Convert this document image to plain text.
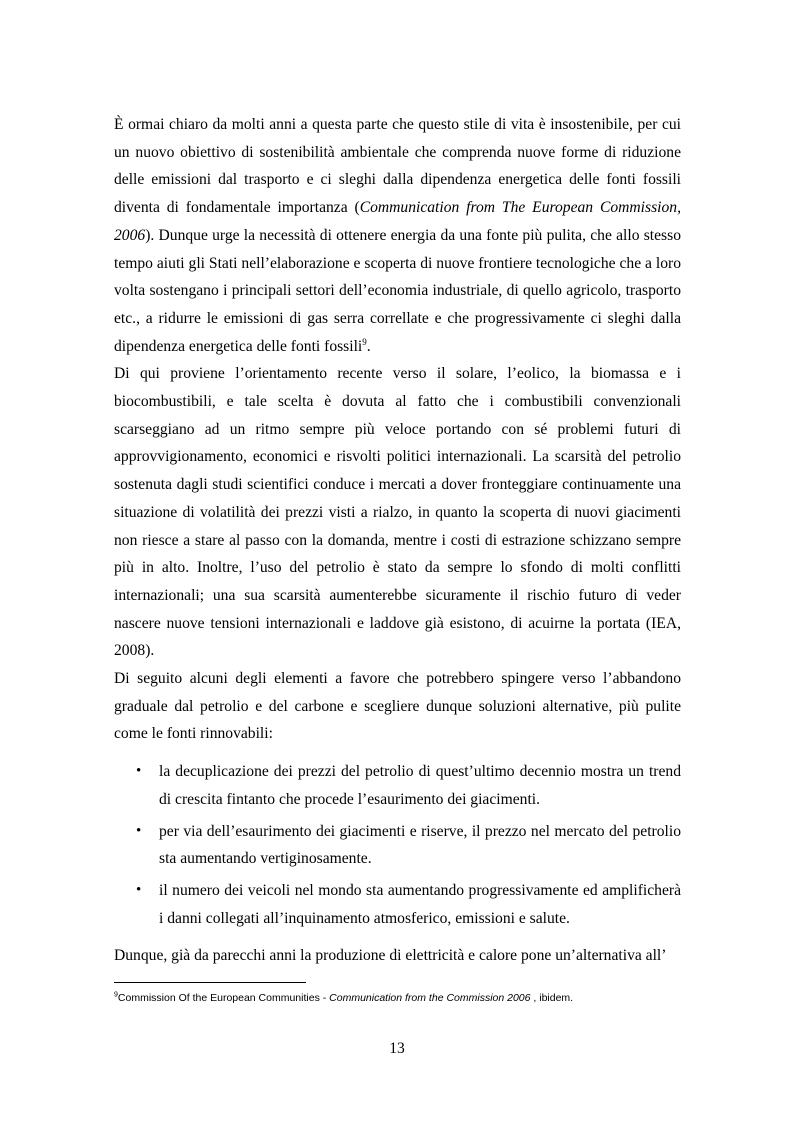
È ormai chiaro da molti anni a questa parte che questo stile di vita è insostenibile, per cui un nuovo obiettivo di sostenibilità ambientale che comprenda nuove forme di riduzione delle emissioni dal trasporto e ci sleghi dalla dipendenza energetica delle fonti fossili diventa di fondamentale importanza (Communication from The European Commission, 2006). Dunque urge la necessità di ottenere energia da una fonte più pulita, che allo stesso tempo aiuti gli Stati nell’elaborazione e scoperta di nuove frontiere tecnologiche che a loro volta sostengano i principali settori dell’economia industriale, di quello agricolo, trasporto etc., a ridurre le emissioni di gas serra correllate e che progressivamente ci sleghi dalla dipendenza energetica delle fonti fossili$^9$.

Di qui proviene l’orientamento recente verso il solare, l’eolico, la biomassa e i biocombustibili, e tale scelta è dovuta al fatto che i combustibili convenzionali scarseggiano ad un ritmo sempre più veloce portando con sé problemi futuri di approvvigionamento, economici e risvolti politici internazionali. La scarsità del petrolio sostenuta dagli studi scientifici conduce i mercati a dover fronteggiare continuamente una situazione di volatilità dei prezzi visti a rialzo, in quanto la scoperta di nuovi giacimenti non riesce a stare al passo con la domanda, mentre i costi di estrazione schizzano sempre più in alto. Inoltre, l’uso del petrolio è stato da sempre lo sfondo di molti conflitti internazionali; una sua scarsità aumenterebbe sicuramente il rischio futuro di veder nascere nuove tensioni internazionali e laddove già esistono, di acuirne la portata (IEA, 2008).

Di seguito alcuni degli elementi a favore che potrebbero spingere verso l’abbandono graduale dal petrolio e del carbone e scegliere dunque soluzioni alternative, più pulite come le fonti rinnovabili:

• la decuplicazione dei prezzi del petrolio di quest’ultimo decennio mostra un trend di crescita fintanto che procede l’esaurimento dei giacimenti.
• per via dell’esaurimento dei giacimenti e riserve, il prezzo nel mercato del petrolio sta aumentando vertiginosamente.
• il numero dei veicoli nel mondo sta aumentando progressivamente ed amplificherà i danni collegati all’inquinamento atmosferico, emissioni e salute.

Dunque, già da parecchi anni la produzione di elettricità e calore pone un’alternativa all’

$^9$Commission Of the European Communities - Communication from the Commission 2006 , ibidem.
13
